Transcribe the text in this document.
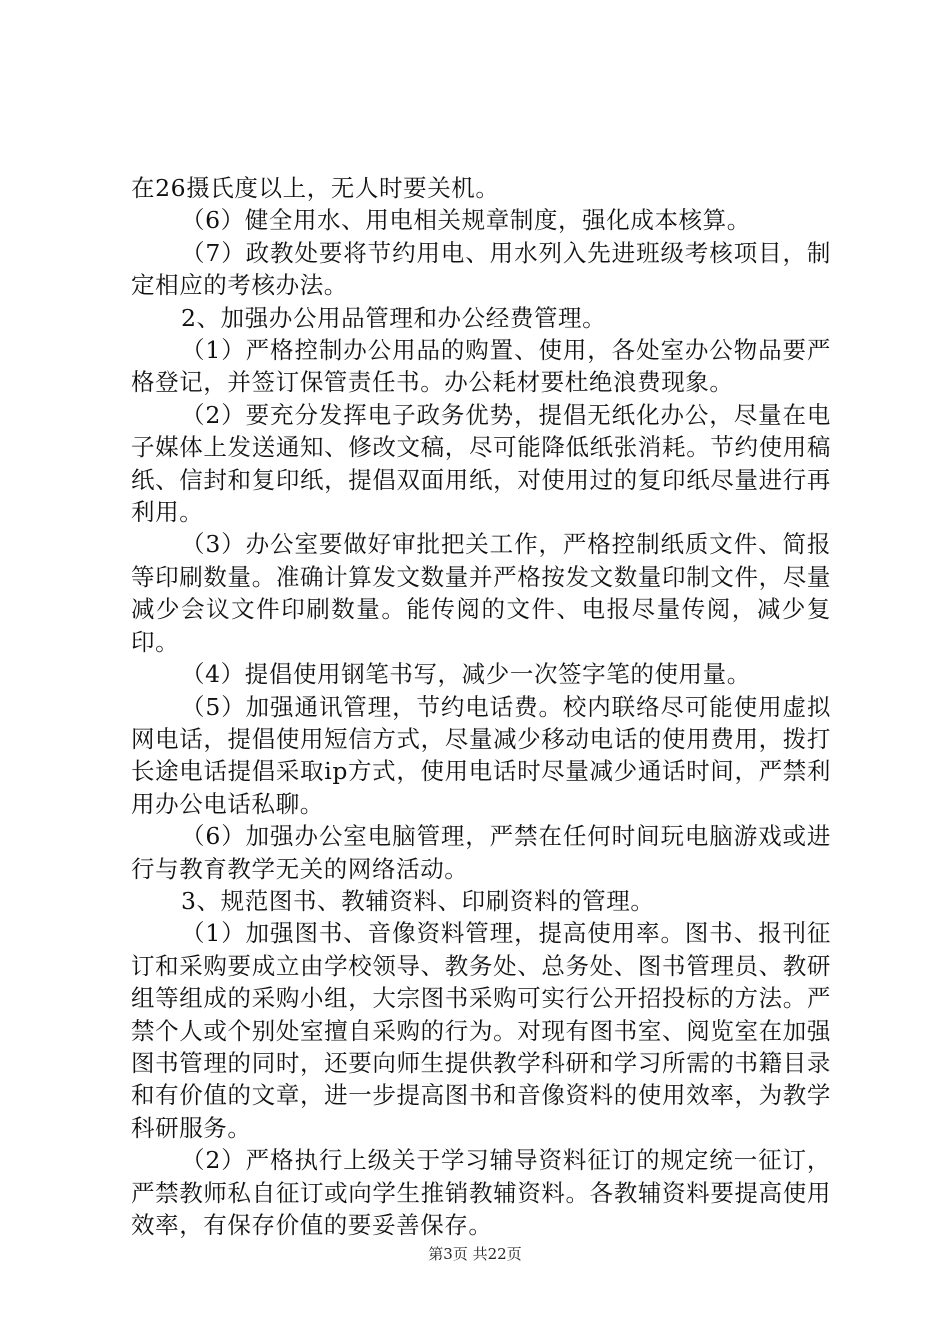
在26摄氏度以上，无人时要关机。

（6）健全用水、用电相关规章制度，强化成本核算。

（7）政教处要将节约用电、用水列入先进班级考核项目，制定相应的考核办法。

2、加强办公用品管理和办公经费管理。

（1）严格控制办公用品的购置、使用，各处室办公物品要严格登记，并签订保管责任书。办公耗材要杜绝浪费现象。

（2）要充分发挥电子政务优势，提倡无纸化办公，尽量在电子媒体上发送通知、修改文稿，尽可能降低纸张消耗。节约使用稿纸、信封和复印纸，提倡双面用纸，对使用过的复印纸尽量进行再利用。

（3）办公室要做好审批把关工作，严格控制纸质文件、简报等印刷数量。准确计算发文数量并严格按发文数量印制文件，尽量减少会议文件印刷数量。能传阅的文件、电报尽量传阅，减少复印。

（4）提倡使用钢笔书写，减少一次签字笔的使用量。

（5）加强通讯管理，节约电话费。校内联络尽可能使用虚拟网电话，提倡使用短信方式，尽量减少移动电话的使用费用，拨打长途电话提倡采取ip方式，使用电话时尽量减少通话时间，严禁利用办公电话私聊。

（6）加强办公室电脑管理，严禁在任何时间玩电脑游戏或进行与教育教学无关的网络活动。

3、规范图书、教辅资料、印刷资料的管理。

（1）加强图书、音像资料管理，提高使用率。图书、报刊征订和采购要成立由学校领导、教务处、总务处、图书管理员、教研组等组成的采购小组，大宗图书采购可实行公开招投标的方法。严禁个人或个别处室擅自采购的行为。对现有图书室、阅览室在加强图书管理的同时，还要向师生提供教学科研和学习所需的书籍目录和有价值的文章，进一步提高图书和音像资料的使用效率，为教学科研服务。

（2）严格执行上级关于学习辅导资料征订的规定统一征订，严禁教师私自征订或向学生推销教辅资料。各教辅资料要提高使用效率，有保存价值的要妥善保存。

第3页 共22页
